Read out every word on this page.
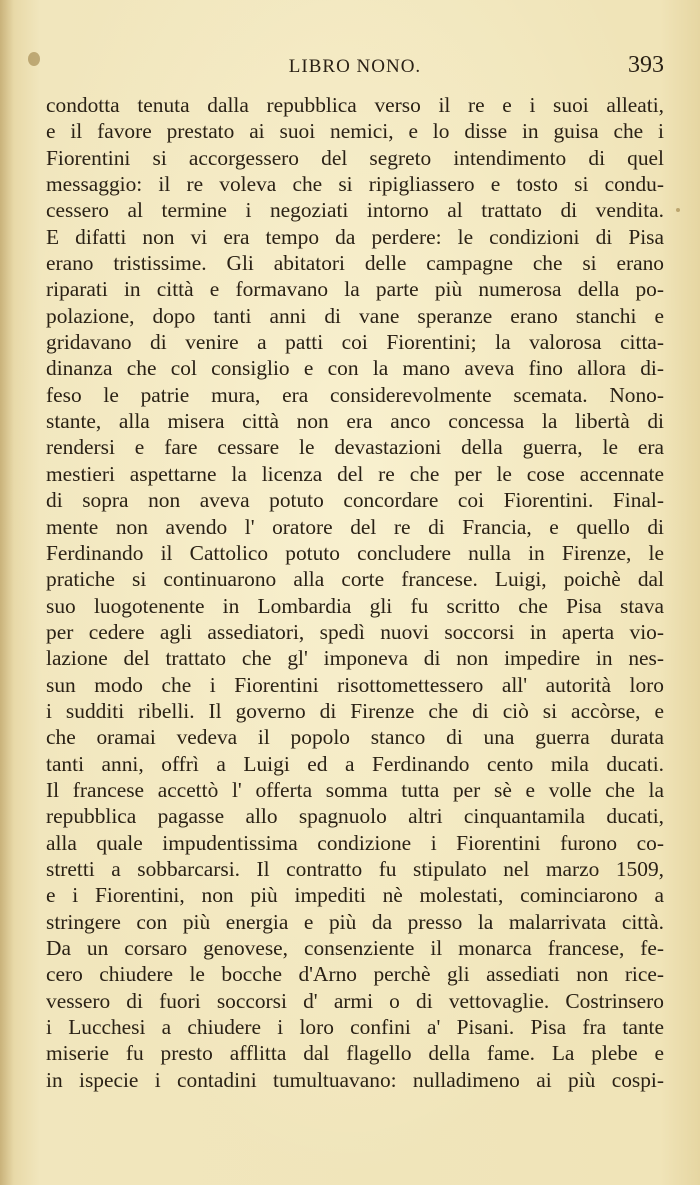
LIBRO NONO.	393
condotta tenuta dalla repubblica verso il re e i suoi alleati,
e il favore prestato ai suoi nemici, e lo disse in guisa che i
Fiorentini si accorgessero del segreto intendimento di quel
messaggio: il re voleva che si ripigliassero e tosto si condu-
cessero al termine i negoziati intorno al trattato di vendita.
E difatti non vi era tempo da perdere: le condizioni di Pisa
erano tristissime. Gli abitatori delle campagne che si erano
riparati in città e formavano la parte più numerosa della po-
polazione, dopo tanti anni di vane speranze erano stanchi e
gridavano di venire a patti coi Fiorentini; la valorosa citta-
dinanza che col consiglio e con la mano aveva fino allora di-
feso le patrie mura, era considerevolmente scemata. Nono-
stante, alla misera città non era anco concessa la libertà di
rendersi e fare cessare le devastazioni della guerra, le era
mestieri aspettarne la licenza del re che per le cose accennate
di sopra non aveva potuto concordare coi Fiorentini. Final-
mente non avendo l' oratore del re di Francia, e quello di
Ferdinando il Cattolico potuto concludere nulla in Firenze, le
pratiche si continuarono alla corte francese. Luigi, poichè dal
suo luogotenente in Lombardia gli fu scritto che Pisa stava
per cedere agli assediatori, spedì nuovi soccorsi in aperta vio-
lazione del trattato che gl' imponeva di non impedire in nes-
sun modo che i Fiorentini risottomettessero all' autorità loro
i sudditi ribelli. Il governo di Firenze che di ciò si accòrse, e
che oramai vedeva il popolo stanco di una guerra durata
tanti anni, offrì a Luigi ed a Ferdinando cento mila ducati.
Il francese accettò l' offerta somma tutta per sè e volle che la
repubblica pagasse allo spagnuolo altri cinquantamila ducati,
alla quale impudentissima condizione i Fiorentini furono co-
stretti a sobbarcarsi. Il contratto fu stipulato nel marzo 1509,
e i Fiorentini, non più impediti nè molestati, cominciarono a
stringere con più energia e più da presso la malarrivata città.
Da un corsaro genovese, consenziente il monarca francese, fe-
cero chiudere le bocche d'Arno perchè gli assediati non rice-
vessero di fuori soccorsi d' armi o di vettovaglie. Costrinsero
i Lucchesi a chiudere i loro confini a' Pisani. Pisa fra tante
miserie fu presto afflitta dal flagello della fame. La plebe e
in ispecie i contadini tumultuavano: nulladimeno ai più cospi-
